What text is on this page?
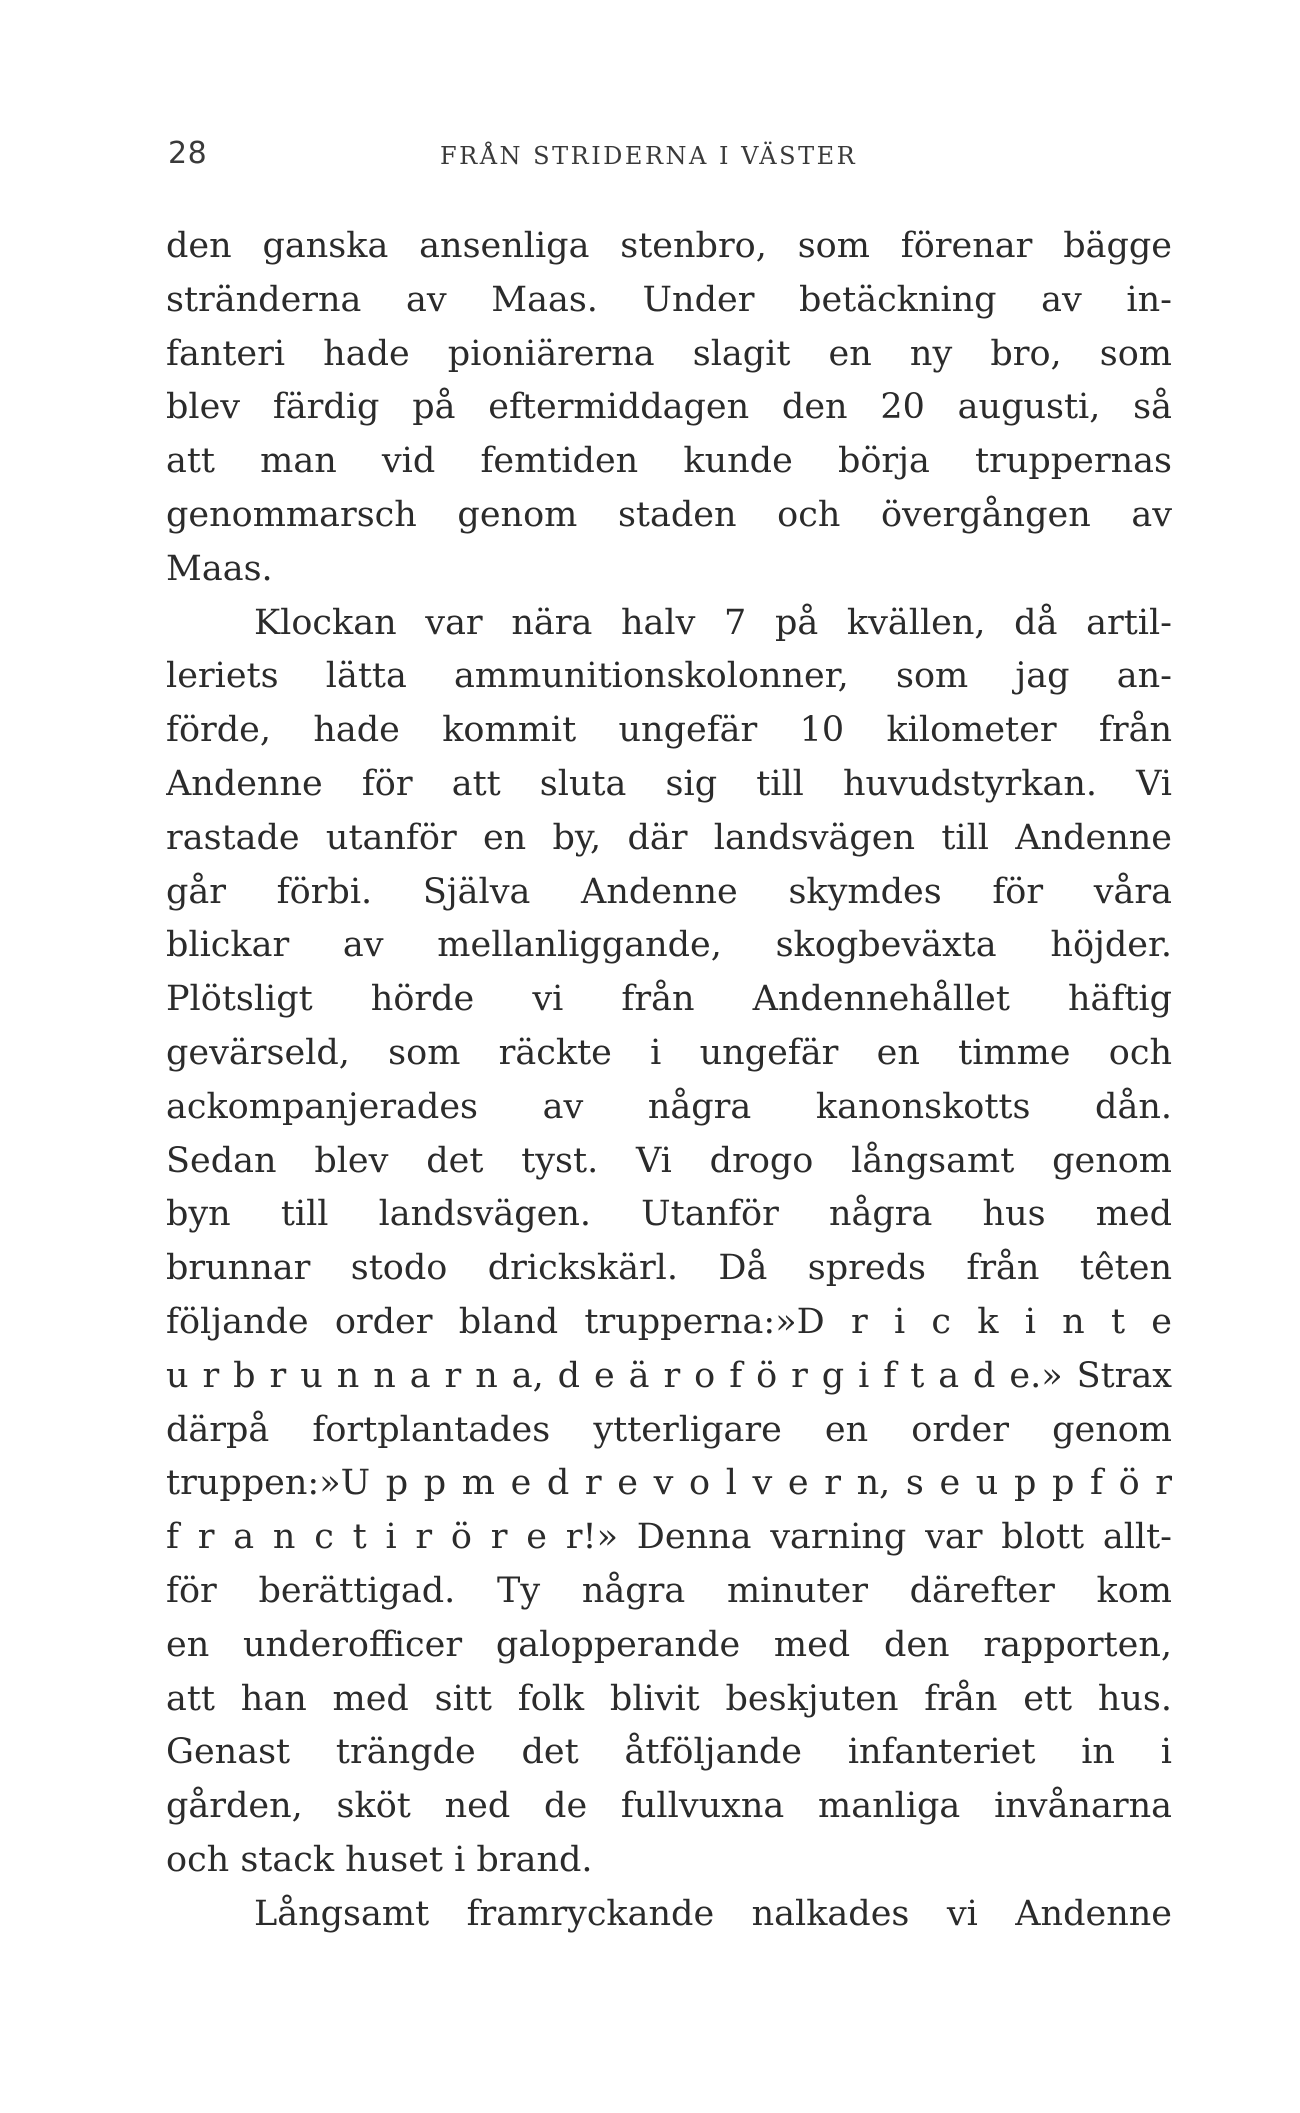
28	FRÅN STRIDERNA I VÄSTER
den ganska ansenliga stenbro, som förenar bägge
stränderna av Maas. Under betäckning av in-
fanteri hade pioniärerna slagit en ny bro, som
blev färdig på eftermiddagen den 20 augusti, så
att man vid femtiden kunde börja truppernas
genommarsch genom staden och övergången av
Maas.
Klockan var nära halv 7 på kvällen, då artil-
leriets lätta ammunitionskolonner, som jag an-
förde, hade kommit ungefär 10 kilometer från
Andenne för att sluta sig till huvudstyrkan. Vi
rastade utanför en by, där landsvägen till Andenne
går förbi. Själva Andenne skymdes för våra
blickar av mellanliggande, skogbeväxta höjder.
Plötsligt hörde vi från Andennehållet häftig
gevärseld, som räckte i ungefär en timme och
ackompanjerades av några kanonskotts dån.
Sedan blev det tyst. Vi drogo långsamt genom
byn till landsvägen. Utanför några hus med
brunnar stodo drickskärl. Då spreds från têten
följande order bland trupperna:»D r i c k i n t e
u r b r u n n a r n a, d e ä r o f ö r g i f t a d e.» Strax
därpå fortplantades ytterligare en order genom
truppen:»U p p m e d r e v o l v e r n, s e u p p f ö r
f r a n c t i r ö r e r!» Denna varning var blott allt-
för berättigad. Ty några minuter därefter kom
en underofficer galopperande med den rapporten,
att han med sitt folk blivit beskjuten från ett hus.
Genast trängde det åtföljande infanteriet in i
gården, sköt ned de fullvuxna manliga invånarna
och stack huset i brand.
Långsamt framryckande nalkades vi Andenne
